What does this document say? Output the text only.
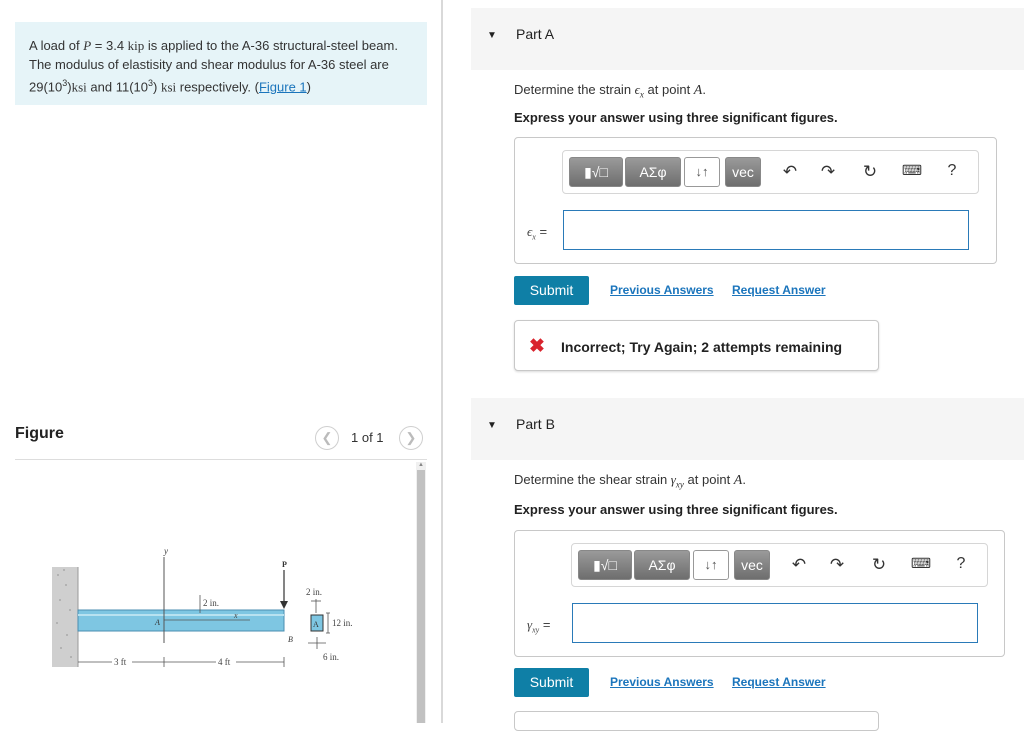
A load of P = 3.4 kip is applied to the A-36 structural-steel beam. The modulus of elastisity and shear modulus for A-36 steel are $29(10^3)ksi$ and $11(10^3)$ ksi respectively. (Figure 1)
Figure	❮	1 of 1	❯
▲
y
x
A
2 in.
P
B
2 in.
A 12 in.
6 in.
3 ft	4 ft
▼ Part A
Determine the strain $\epsilon_x$ at point A.
Express your answer using three significant figures.
▮√□	ΑΣφ	↓↑	vec	↶ ↷ ↻ ⌨	?
$\epsilon_x$ =
Submit	Previous Answers Request Answer
✖ Incorrect; Try Again; 2 attempts remaining
▼ Part B
Determine the shear strain $\gamma_{xy}$ at point A.
Express your answer using three significant figures.
▮√□	ΑΣφ	↓↑	vec	↶ ↷ ↻ ⌨	?
$\gamma_{xy}$ =
Submit	Previous Answers Request Answer
